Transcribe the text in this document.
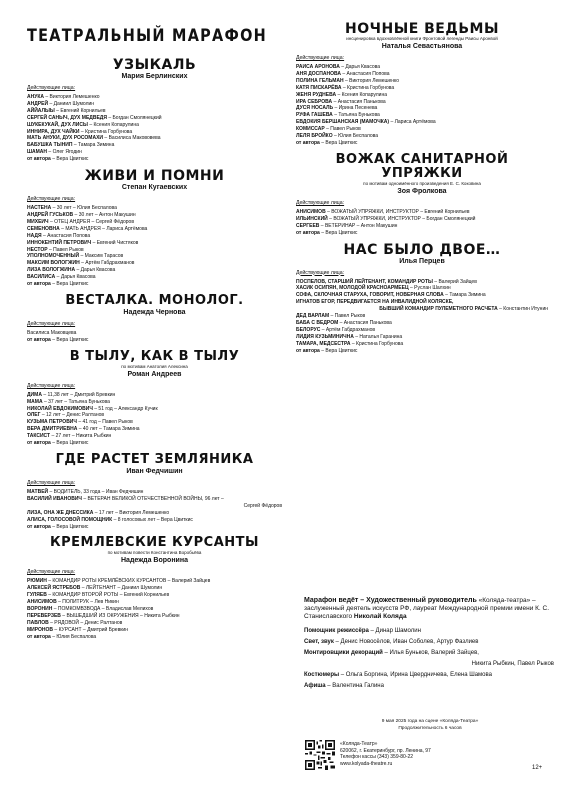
ТЕАТРАЛЬНЫЙ МАРАФОН
УЗЫКАЛЬ
Мария Берлинских
Действующие лица:
АНУКА – Виктория Лемешенко
АНДРЕЙ – Даниил Шумолин
АЙЙАЛЫЫ – Евгений Корнильев
СЕРГЕЙ САНЫЧ, ДУХ МЕДВЕДЯ – Богдан Смолянецкий
ШУКЕКУКАЙ, ДУХ ЛИСЫ – Ксения Копарулина
ИННИРА, ДУХ ЧАЙКИ – Кристина Горбунова
МАТЬ АНУКИ, ДУХ РОСОМАХИ – Василиса Макововева
БАБУШКА ТЫНИП – Тамара Зимина
ШАМАН – Олег Ягодин
от автора – Вера Цвиткис
ЖИВИ И ПОМНИ
Степан Кугаевских
Действующие лица:
НАСТЕНА – 30 лет – Юлия Беспалова
АНДРЕЙ ГУСЬКОВ – 30 лет – Антон Макушин
МИХЕИЧ – ОТЕЦ АНДРЕЯ – Сергей Фёдоров
СЕМЕНОВНА – МАТЬ АНДРЕЯ – Лариса Артёмова
НАДЯ – Анастасия Попова
ИННОКЕНТИЙ ПЕТРОВИЧ – Евгений Чистяков
НЕСТОР – Павел Рыков
УПОЛНОМОЧЕННЫЙ – Максим Тарасов
МАКСИМ ВОЛОГЖИН – Артём Габдрахманов
ЛИЗА ВОЛОГЖИНА – Дарья Квасова
ВАСИЛИСА – Дарья Квасова
от автора – Вера Цвиткис
ВЕСТАЛКА. МОНОЛОГ.
Надежда Чернова
Действующие лица:
Василиса Маковцева
от автора – Вера Цвиткис
В ТЫЛУ, КАК В ТЫЛУ
по мотивам Анатолия Алексина
Роман Андреев
Действующие лица:
ДИМА – 11,38 лет – Дмитрий Бревкин
МАМА – 37 лет – Татьяна Бунькова
НИКОЛАЙ ЕВДОКИМОВИЧ – 51 год – Александр Кучик
ОЛЕГ – 12 лет – Денис Ралтанов
КУЗЬМА ПЕТРОВИЧ – 41 год – Павел Рыков
ВЕРА ДМИТРИЕВНА – 40 лет – Тамара Зимина
ТАКСИСТ – 27 лет – Никита Рыбкин
от автора – Вера Цвиткис
ГДЕ РАСТЕТ ЗЕМЛЯНИКА
Иван Федчишин
Действующие лица:
МАТВЕЙ – ВОДИТЕЛЬ, 33 года – Иван Федчишин
ВАСИЛИЙ ИВАНОВИЧ – ВЕТЕРАН ВЕЛИКОЙ ОТЕЧЕСТВЕННОЙ ВОЙНЫ, 96 лет –
Сергей Фёдоров
ЛИЗА, ОНА ЖЕ ДНЕССИКА – 17 лет – Виктория Лемешенко
АЛИСА, ГОЛОСОВОЙ ПОМОЩНИК – 8 голосовых лет – Вера Цвиткис
от автора – Вера Цвиткис
КРЕМЛЕВСКИЕ КУРСАНТЫ
по мотивам повести Константина Воробьёва
Надежда Воронина
Действующие лица:
РЮМИН – КОМАНДИР РОТЫ КРЕМЛЁВСКИХ КУРСАНТОВ – Валерий Зайцев
АЛЕКСЕЙ ЯСТРЕБОВ – ЛЕЙТЕНАНТ – Даниил Шумолин
ГУЛЯЕВ – КОМАНДИР ВТОРОЙ РОТЫ – Евгений Корнильев
АНИСИМОВ – ПОЛИТРУК – Лев Никин
ВОРОНИН – ПОМКОМВЗВОДА – Владислав Мелихов
ПЕРЕВЕРЗЕВ – ВЫШЕДШИЙ ИЗ ОКРУЖЕНИЯ – Никита Рыбкин
ПАВЛОВ – РЯДОВОЙ – Денис Ралтанов
МИРОНОВ – КУРСАНТ – Дмитрий Бревкин
от автора – Юлия Беспалова
НОЧНЫЕ ВЕДЬМЫ
инсценировка вдохновлённой книги Фронтовой легенды Раисы Аронвой
Наталья Севастьянова
Действующие лица:
РАИСА АРОНОВА – Дарья Квасова
АНЯ ДОСПАНОВА – Анастасия Попова
ПОЛИНА ГЕЛЬМАН – Виктория Лемешенко
КАТЯ ПИСКАРЁВА – Кристина Горбунова
ЖЕНЯ РУДНЕВА – Ксения Копарулина
ИРА СЕБРОВА – Анастасия Панькова
ДУСЯ НОСАЛЬ – Ирина Песенева
РУФА ГАШЕВА – Татьяна Бунькова
ЕВДОКИЯ БЕРШАНСКАЯ (МАМОЧКА) – Лариса Артёмова
КОМИССАР – Павел Рыков
ЛЕЛЯ БРОЙКО – Юлия Беспалова
от автора – Вера Цвиткис
ВОЖАК САНИТАРНОЙ УПРЯЖКИ
по мотивам одноимённого произведения Е. С. Коковина
Зоя Фролкова
Действующие лица:
АНИСИМОВ – ВОЖАТЫЙ УПРЯЖКИ, ИНСТРУКТОР – Евгений Корнильев
ИЛЬИНСКИЙ – ВОЖАТЫЙ УПРЯЖКИ, ИНСТРУКТОР – Богдан Смолянецкий
СЕРГЕЕВ – ВЕТЕРИНАР – Антон Макушин
от автора – Вера Цвиткис
НАС БЫЛО ДВОЕ…
Илья Перцев
Действующие лица:
ПОСПЕЛОВ, СТАРШИЙ ЛЕЙТЕНАНТ, КОМАНДИР РОТЫ – Валерий Зайцев
ХАСИК ОСИПЯН, МОЛОДОЙ КРАСНОАРМЕЕЦ – Руслан Шалхин
СОФА, СКЛОЧНАЯ СТАРУХА, ГОВОРИТ, НОВЕРНАЯ СЛОВА – Тамара Зимина
ИГНАТОВ ЕГОР, ПЕРЕДВИГАЕТСЯ НА ИНВАЛИДНОЙ КОЛЯСКЕ,
БЫВШИЙ КОМАНДИР ПУЛЕМЕТНОГО РАСЧЕТА – Константин Итунин
ДЕД ВАРЛАМ – Павел Рыков
БАБА С ВЕДРОМ – Анастасия Панькова
БЕЛОРУС – Артём Габдрахманов
ЛИДИЯ КУЗЬМИНИЧНА – Наталья Гаранина
ТАМАРА, МЕДСЕСТРА – Кристина Горбунова
от автора – Вера Цвиткис
Марафон ведёт – Художественный руководитель «Коляда-театра» – заслуженный деятель искусств РФ, лауреат Международной премии имени К. С. Станиславского Николай Коляда
Помощник режиссёра – Динар Шамолин
Свет, звук – Денис Новосёлов, Иван Соболев, Артур Фазлиев
Монтировщики декораций – Илья Буньков, Валерий Зайцев,
Никита Рыбкин, Павел Рыков
Костюмеры – Ольга Боргина, Ирина Цвердничева, Елена Шамова
Афиша – Валентина Галина
9 мая 2025 года на сцене «Коляда-Театра»
Продолжительность 6 часов
«Коляда-Театр»
620062, г. Екатеринбург, пр. Ленина, 97
Телефон кассы (343) 359-80-22
www.kolyada-theatre.ru
12+
